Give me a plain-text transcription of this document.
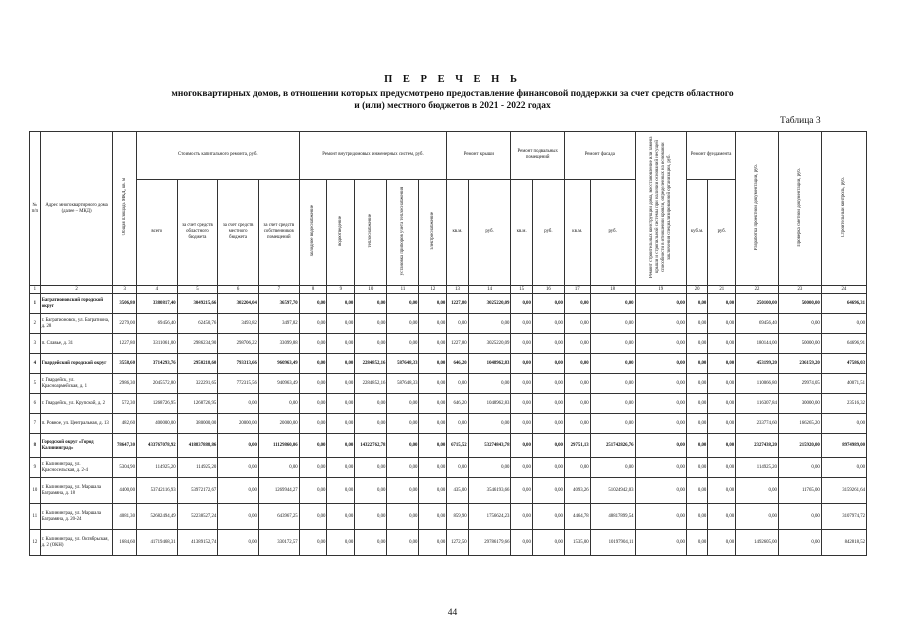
П Е Р Е Ч Е Н Ь
многоквартирных домов, в отношении которых предусмотрено предоставление финансовой поддержки за счет средств областного
и (или) местного бюджетов в 2021 - 2022 годах
Таблица 3
№ п/п	Адрес многоквартирного дома (далее – МКД)	Общая площадь МКД, кв. м	Стоимость капитального ремонта, руб.				Ремонт внутридомовых инженерных систем, руб.					Ремонт крыши		Ремонт подвальных помещений		Ремонт фасада		Ремонт строительных конструкций дома, восстановление или замена крыши и стропильной системы при наличии оснований несущей способности в отношении кровли, определенных на основании заключения специализированной организации, руб.	Ремонт фундамента		Разработка проектной документации, руб.	Проверка сметной документации, руб.	Строительный контроль, руб.
			всего	за счет средств областного бюджета	за счет средств местного бюджета	за счет средств собственников помещений	холодное водоснабжение	водоотведение	теплоснабжение	установка приборов учета теплоснабжения	электроснабжение	кв.м.	руб.	кв.м.	руб.	кв.м.	руб.		куб.м.	руб.			
1	2	3	4	5	6	7	8	9	10	11	12	13	14	15	16	17	18	19	20	21	22	23	24
1	Багратионовский городской округ	3506,80	3380817,40	3049215,66	302204,04	36597,70	0,00	0,00	0,00	0,00	0,00	1227,80	3025220,09	0,00	0,00	0,00	0,00	0,00	0,00	0,00	250100,00	50000,00	64696,31
2	г. Багратионовск, ул. Багратиона, д. 28	2279,00	69456,40	62450,76	3493,82	3497,82	0,00	0,00	0,00	0,00	0,00	0,00	0,00	0,00	0,00	0,00	0,00	0,00	0,00	0,00	69456,40	0,00	0,00
3	п. Славье, д. 31	1227,80	3311061,00	2986234,90	298706,22	33099,88	0,00	0,00	0,00	0,00	0,00	1227,80	3025220,09	0,00	0,00	0,00	0,00	0,00	0,00	0,00	180144,00	50000,00	64696,91
4	Гвардейский городской округ	3558,60	3714293,76	2950218,60	793313,66	960963,49	0,00	0,00	2284852,16	587648,33	0,00	646,20	1048962,83	0,00	0,00	0,00	0,00	0,00	0,00	0,00	453199,20	236159,20	47586,03
5	г. Гвардейск, ул. Красноармейская, д. 1	2986,30	2045572,80	322291,65	772315,56	940963,49	0,00	0,00	2284852,16	587648,33	0,00	0,00	0,00	0,00	0,00	0,00	0,00	0,00	0,00	0,00	110066,80	29974,05	40071,51
6	г. Гвардейск, ул. Крупской, д. 2	572,30	1268726,95	1268726,95	0,00	0,00	0,00	0,00	0,00	0,00	0,00	646,20	1048962,83	0,00	0,00	0,00	0,00	0,00	0,00	0,00	116307,84	30000,00	23516,32
7	п. Ровное, ул. Центральная, д. 13	482,60	400000,00	380000,00	20000,00	20000,00	0,00	0,00	0,00	0,00	0,00	0,00	0,00	0,00	0,00	0,00	0,00	0,00	0,00	0,00	233774,60	166265,20	0,00
8	Городской округ «Город Калининград»	78647,30	433767078,92	418837888,86	0,00	11129860,06	0,00	0,00	14322762,78	0,00	0,00	6715,52	53274843,78	0,00	0,00	29751,13	251742826,76	0,00	0,00	0,00	2327438,20	215920,00	8974989,00
9	г. Калининград, ул. Красносельская, д. 2-4	5304,90	114925,20	114925,20	0,00	0,00	0,00	0,00	0,00	0,00	0,00	0,00	0,00	0,00	0,00	0,00	0,00	0,00	0,00	0,00	114925,20	0,00	0,00
10	г. Калининград, ул. Маршала Баграмяна, д. 18	4400,00	53742116,93	53972172,67	0,00	1269944,27	0,00	0,00	0,00	0,00	0,00	435,00	3546193,66	0,00	0,00	4093,26	51024942,03	0,00	0,00	0,00	0,00	11765,00	3159261,64
11	г. Калининград, ул. Маршала Баграмяна, д. 20-24	4081,30	52682494,49	52238527,24	0,00	643967,25	0,00	0,00	0,00	0,00	0,00	859,90	1756624,23	0,00	0,00	4464,78	48817899,54	0,00	0,00	0,00	0,00	0,00	3107974,72
12	г. Калининград, ул. Октябрьская, д. 2 (ОКН)	1684,60	41719468,31	41389152,74	0,00	330172,57	0,00	0,00	0,00	0,00	0,00	1272,50	29786179,66	0,00	0,00	1535,00	10197904,11	0,00	0,00	0,00	1492605,00	0,00	842818,52
44
